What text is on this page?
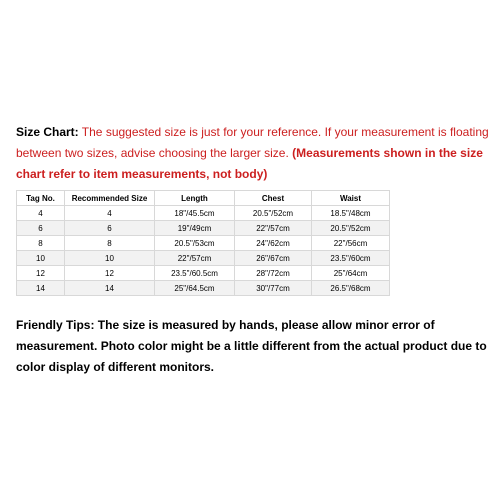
Size Chart: The suggested size is just for your reference. If your measurement is floating between two sizes, advise choosing the larger size. (Measurements shown in the size chart refer to item measurements, not body)

Tag No.	Recommended Size	Length	Chest	Waist
4	4	18"/45.5cm	20.5"/52cm	18.5"/48cm
6	6	19"/49cm	22"/57cm	20.5"/52cm
8	8	20.5"/53cm	24"/62cm	22"/56cm
10	10	22"/57cm	26"/67cm	23.5"/60cm
12	12	23.5"/60.5cm	28"/72cm	25"/64cm
14	14	25"/64.5cm	30"/77cm	26.5"/68cm

Friendly Tips: The size is measured by hands, please allow minor error of measurement. Photo color might be a little different from the actual product due to color display of different monitors.
